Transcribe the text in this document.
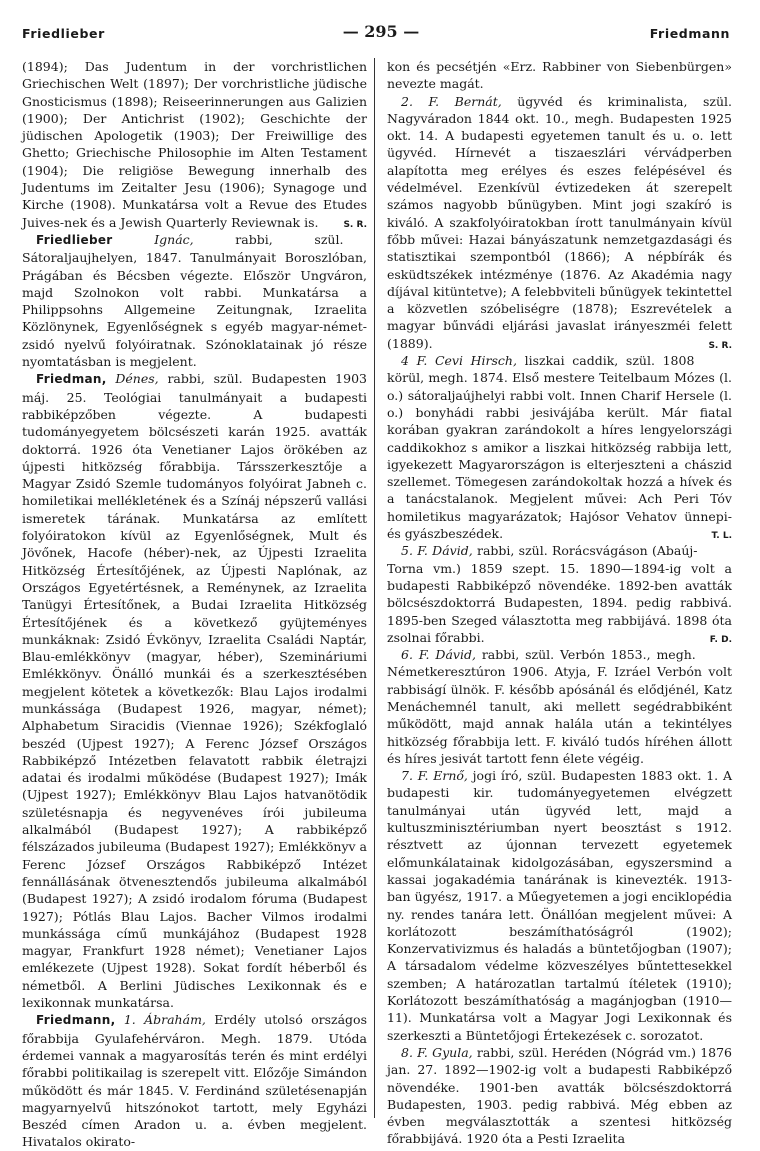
Friedlieber	— 295 —	Friedmann

(1894); Das Judentum in der vorchristlichen Griechischen Welt (1897); Der vorchristliche jüdische Gnosticismus (1898); Reiseerinnerungen aus Galizien (1900); Der Antichrist (1902); Geschichte der jüdischen Apologetik (1903); Der Freiwillige des Ghetto; Griechische Philosophie im Alten Testament (1904); Die religiöse Bewegung innerhalb des Judentums im Zeitalter Jesu (1906); Synagoge und Kirche (1908). Munkatársa volt a Revue des Etudes Juives-nek és a Jewish Quarterly Reviewnak is.	S. R.

Friedlieber	Ignác, rabbi, szül. Sátoraljaujhelyen, 1847. Tanulmányait Boroszlóban, Prágában és Bécsben végezte. Először Ungváron, majd Szolnokon volt rabbi. Munkatársa a Philippsohns Allgemeine Zeitungnak, Izraelita Közlönynek, Egyenlőségnek s egyéb magyar-német-zsidó nyelvű folyóiratnak. Szónoklatainak jó része nyomtatásban is megjelent.

Friedman, Dénes, rabbi, szül. Budapesten 1903 máj. 25. Teológiai tanulmányait a budapesti rabbiképzőben végezte. A budapesti tudományegyetem bölcsészeti karán 1925. avatták doktorrá. 1926 óta Venetianer Lajos örökében az újpesti hitközség főrabbija. Társszerkesztője a Magyar Zsidó Szemle tudományos folyóirat Jabneh c. homiletikai mellékletének és a Színáj népszerű vallási ismeretek tárának. Munkatársa az említett folyóiratokon kívül az Egyenlőségnek, Mult és Jövőnek, Hacofe (héber)-nek, az Újpesti Izraelita Hitközség Értesítőjének, az Újpesti Naplónak, az Országos Egyetértésnek, a Reménynek, az Izraelita Tanügyi Értesítőnek, a Budai Izraelita Hitközség Értesítőjének és a következő gyüjteményes munkáknak: Zsidó Évkönyv, Izraelita Családi Naptár, Blau-emlékkönyv (magyar, héber), Szemináriumi Emlékkönyv. Önálló munkái és a szerkesztésében megjelent kötetek a következők: Blau Lajos irodalmi munkássága (Budapest 1926, magyar, német); Alphabetum Siracidis (Viennae 1926); Székfoglaló beszéd (Ujpest 1927); A Ferenc József Országos Rabbiképző Intézetben felavatott rabbik életrajzi adatai és irodalmi működése (Budapest 1927); Imák (Ujpest 1927); Emlékkönyv Blau Lajos hatvanötödik születésnapja és negyvenéves írói jubileuma alkalmából (Budapest 1927); A rabbiképző félszázados jubileuma (Budapest 1927); Emlékkönyv a Ferenc József Országos Rabbiképző Intézet fennállásának ötvenesztendős jubileuma alkalmából (Budapest 1927); A zsidó irodalom fóruma (Budapest 1927); Pótlás Blau Lajos. Bacher Vilmos irodalmi munkássága című munkájához (Budapest 1928 magyar, Frankfurt 1928 német); Venetianer Lajos emlékezete (Ujpest 1928). Sokat fordít héberből és németből. A Berlini Jüdisches Lexikonnak és e lexikonnak munkatársa.

Friedmann, 1. Ábrahám, Erdély utolsó országos főrabbija Gyulafehérváron. Megh. 1879. Utóda érdemei vannak a magyarosítás terén és mint erdélyi főrabbi politikailag is szerepelt vitt. Előzője Simándon működött és már 1845. V. Ferdinánd születésenapján magyarnyelvű hitszónokot tartott, mely Egyházi Beszéd címen Aradon u. a. évben megjelent. Hivatalos okirato-

kon és pecsétjén «Erz. Rabbiner von Siebenbürgen» nevezte magát.

2. F. Bernát, ügyvéd és kriminalista, szül. Nagyváradon 1844 okt. 10., megh. Budapesten 1925 okt. 14. A budapesti egyetemen tanult és u. o. lett ügyvéd. Hírnevét a tiszaeszlári vérvádperben alapította meg erélyes és eszes felépésével és védelmével. Ezenkívül évtizedeken át szerepelt számos nagyobb bűnügyben. Mint jogi szakíró is kiváló. A szakfolyóiratokban írott tanulmányain kívül főbb művei: Hazai bányászatunk nemzetgazdasági és statisztikai szempontból (1866); A népbírák és esküdtszékek intézménye (1876. Az Akadémia nagy díjával kitüntetve); A felebbviteli bűnügyek tekintettel a közvetlen szóbeliségre (1878); Eszrevételek a magyar bűnvádi eljárási javaslat irányeszméi felett (1889).	S. R.

4 F. Cevi Hirsch, liszkai caddik, szül. 1808 körül, megh. 1874. Első mestere Teitelbaum Mózes (l. o.) sátoraljaújhelyi rabbi volt. Innen Charif Hersele (l. o.) bonyhádi rabbi jesivájába került. Már fiatal korában gyakran zarándokolt a híres lengyelországi caddikokhoz s amikor a liszkai hitközség rabbija lett, igyekezett Magyarországon is elterjeszteni a chászid szellemet. Tömegesen zarándokoltak hozzá a hívek és a tanácstalanok. Megjelent művei: Ach Peri Tóv homiletikus magyarázatok; Hajósor Vehatov ünnepi- és gyászbeszédek.	T. L.

5. F. Dávid, rabbi, szül. Rorácsvágáson (Abaúj-Torna vm.) 1859 szept. 15. 1890—1894-ig volt a budapesti Rabbiképző növendéke. 1892-ben avatták bölcsészdoktorrá Budapesten, 1894. pedig rabbivá. 1895-ben Szeged választotta meg rabbijává. 1898 óta zsolnai főrabbi.	F. D.

6. F. Dávid, rabbi, szül. Verbón 1853., megh. Németkeresztúron 1906. Atyja, F. Izráel Verbón volt rabbiságí ülnök. F. később apósánál és elődjénél, Katz Menáchemnél tanult, aki mellett segédrabbiként működött, majd annak halála után a tekintélyes hitközség főrabbija lett. F. kiváló tudós híréhen állott és híres jesivát tartott fenn élete végéig.

7. F. Ernő, jogi író, szül. Budapesten 1883 okt. 1. A budapesti kir. tudományegyetemen elvégzett tanulmányai után ügyvéd lett, majd a kultuszminisztériumban nyert beosztást s 1912. résztvett az újonnan tervezett egyetemek előmunkálatainak kidolgozásában, egyszersmind a kassai jogakadémia tanárának is kinevezték. 1913-ban ügyész, 1917. a Műegyetemen a jogi enciklopédia ny. rendes tanára lett. Önállóan megjelent művei: A korlátozott beszámíthatóságról (1902); Konzervativizmus és haladás a büntetőjogban (1907); A társadalom védelme közveszélyes bűntettesekkel szemben; A határozatlan tartalmú ítéletek (1910); Korlátozott beszámíthatóság a magánjogban (1910—11). Munkatársa volt a Magyar Jogi Lexikonnak és szerkeszti a Büntetőjogi Értekezések c. sorozatot.

8. F. Gyula, rabbi, szül. Heréden (Nógrád vm.) 1876 jan. 27. 1892—1902-ig volt a budapesti Rabbiképző növendéke. 1901-ben avatták bölcsészdoktorrá Budapesten, 1903. pedig rabbivá. Még ebben az évben megválasztották a szentesi hitközség főrabbijává. 1920 óta a Pesti Izraelita
